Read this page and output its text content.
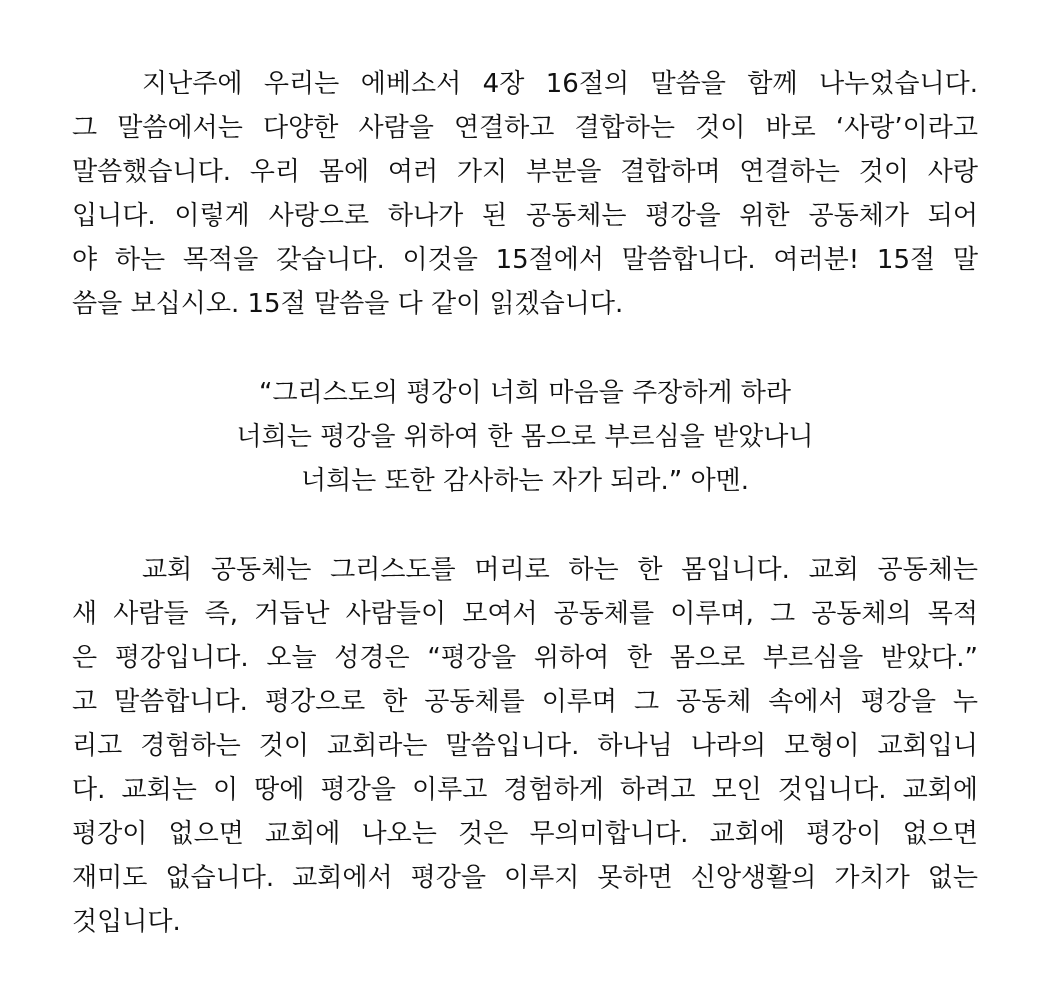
지난주에 우리는 에베소서 4장 16절의 말씀을 함께 나누었습니다.

그 말씀에서는 다양한 사람을 연결하고 결합하는 것이 바로 ‘사랑’이라고

말씀했습니다. 우리 몸에 여러 가지 부분을 결합하며 연결하는 것이 사랑

입니다. 이렇게 사랑으로 하나가 된 공동체는 평강을 위한 공동체가 되어

야 하는 목적을 갖습니다. 이것을 15절에서 말씀합니다. 여러분! 15절 말

씀을 보십시오. 15절 말씀을 다 같이 읽겠습니다.

“그리스도의 평강이 너희 마음을 주장하게 하라

너희는 평강을 위하여 한 몸으로 부르심을 받았나니

너희는 또한 감사하는 자가 되라.” 아멘.

교회 공동체는 그리스도를 머리로 하는 한 몸입니다. 교회 공동체는

새 사람들 즉, 거듭난 사람들이 모여서 공동체를 이루며, 그 공동체의 목적

은 평강입니다. 오늘 성경은 “평강을 위하여 한 몸으로 부르심을 받았다.”

고 말씀합니다. 평강으로 한 공동체를 이루며 그 공동체 속에서 평강을 누

리고 경험하는 것이 교회라는 말씀입니다. 하나님 나라의 모형이 교회입니

다. 교회는 이 땅에 평강을 이루고 경험하게 하려고 모인 것입니다. 교회에

평강이 없으면 교회에 나오는 것은 무의미합니다. 교회에 평강이 없으면

재미도 없습니다. 교회에서 평강을 이루지 못하면 신앙생활의 가치가 없는

것입니다.
